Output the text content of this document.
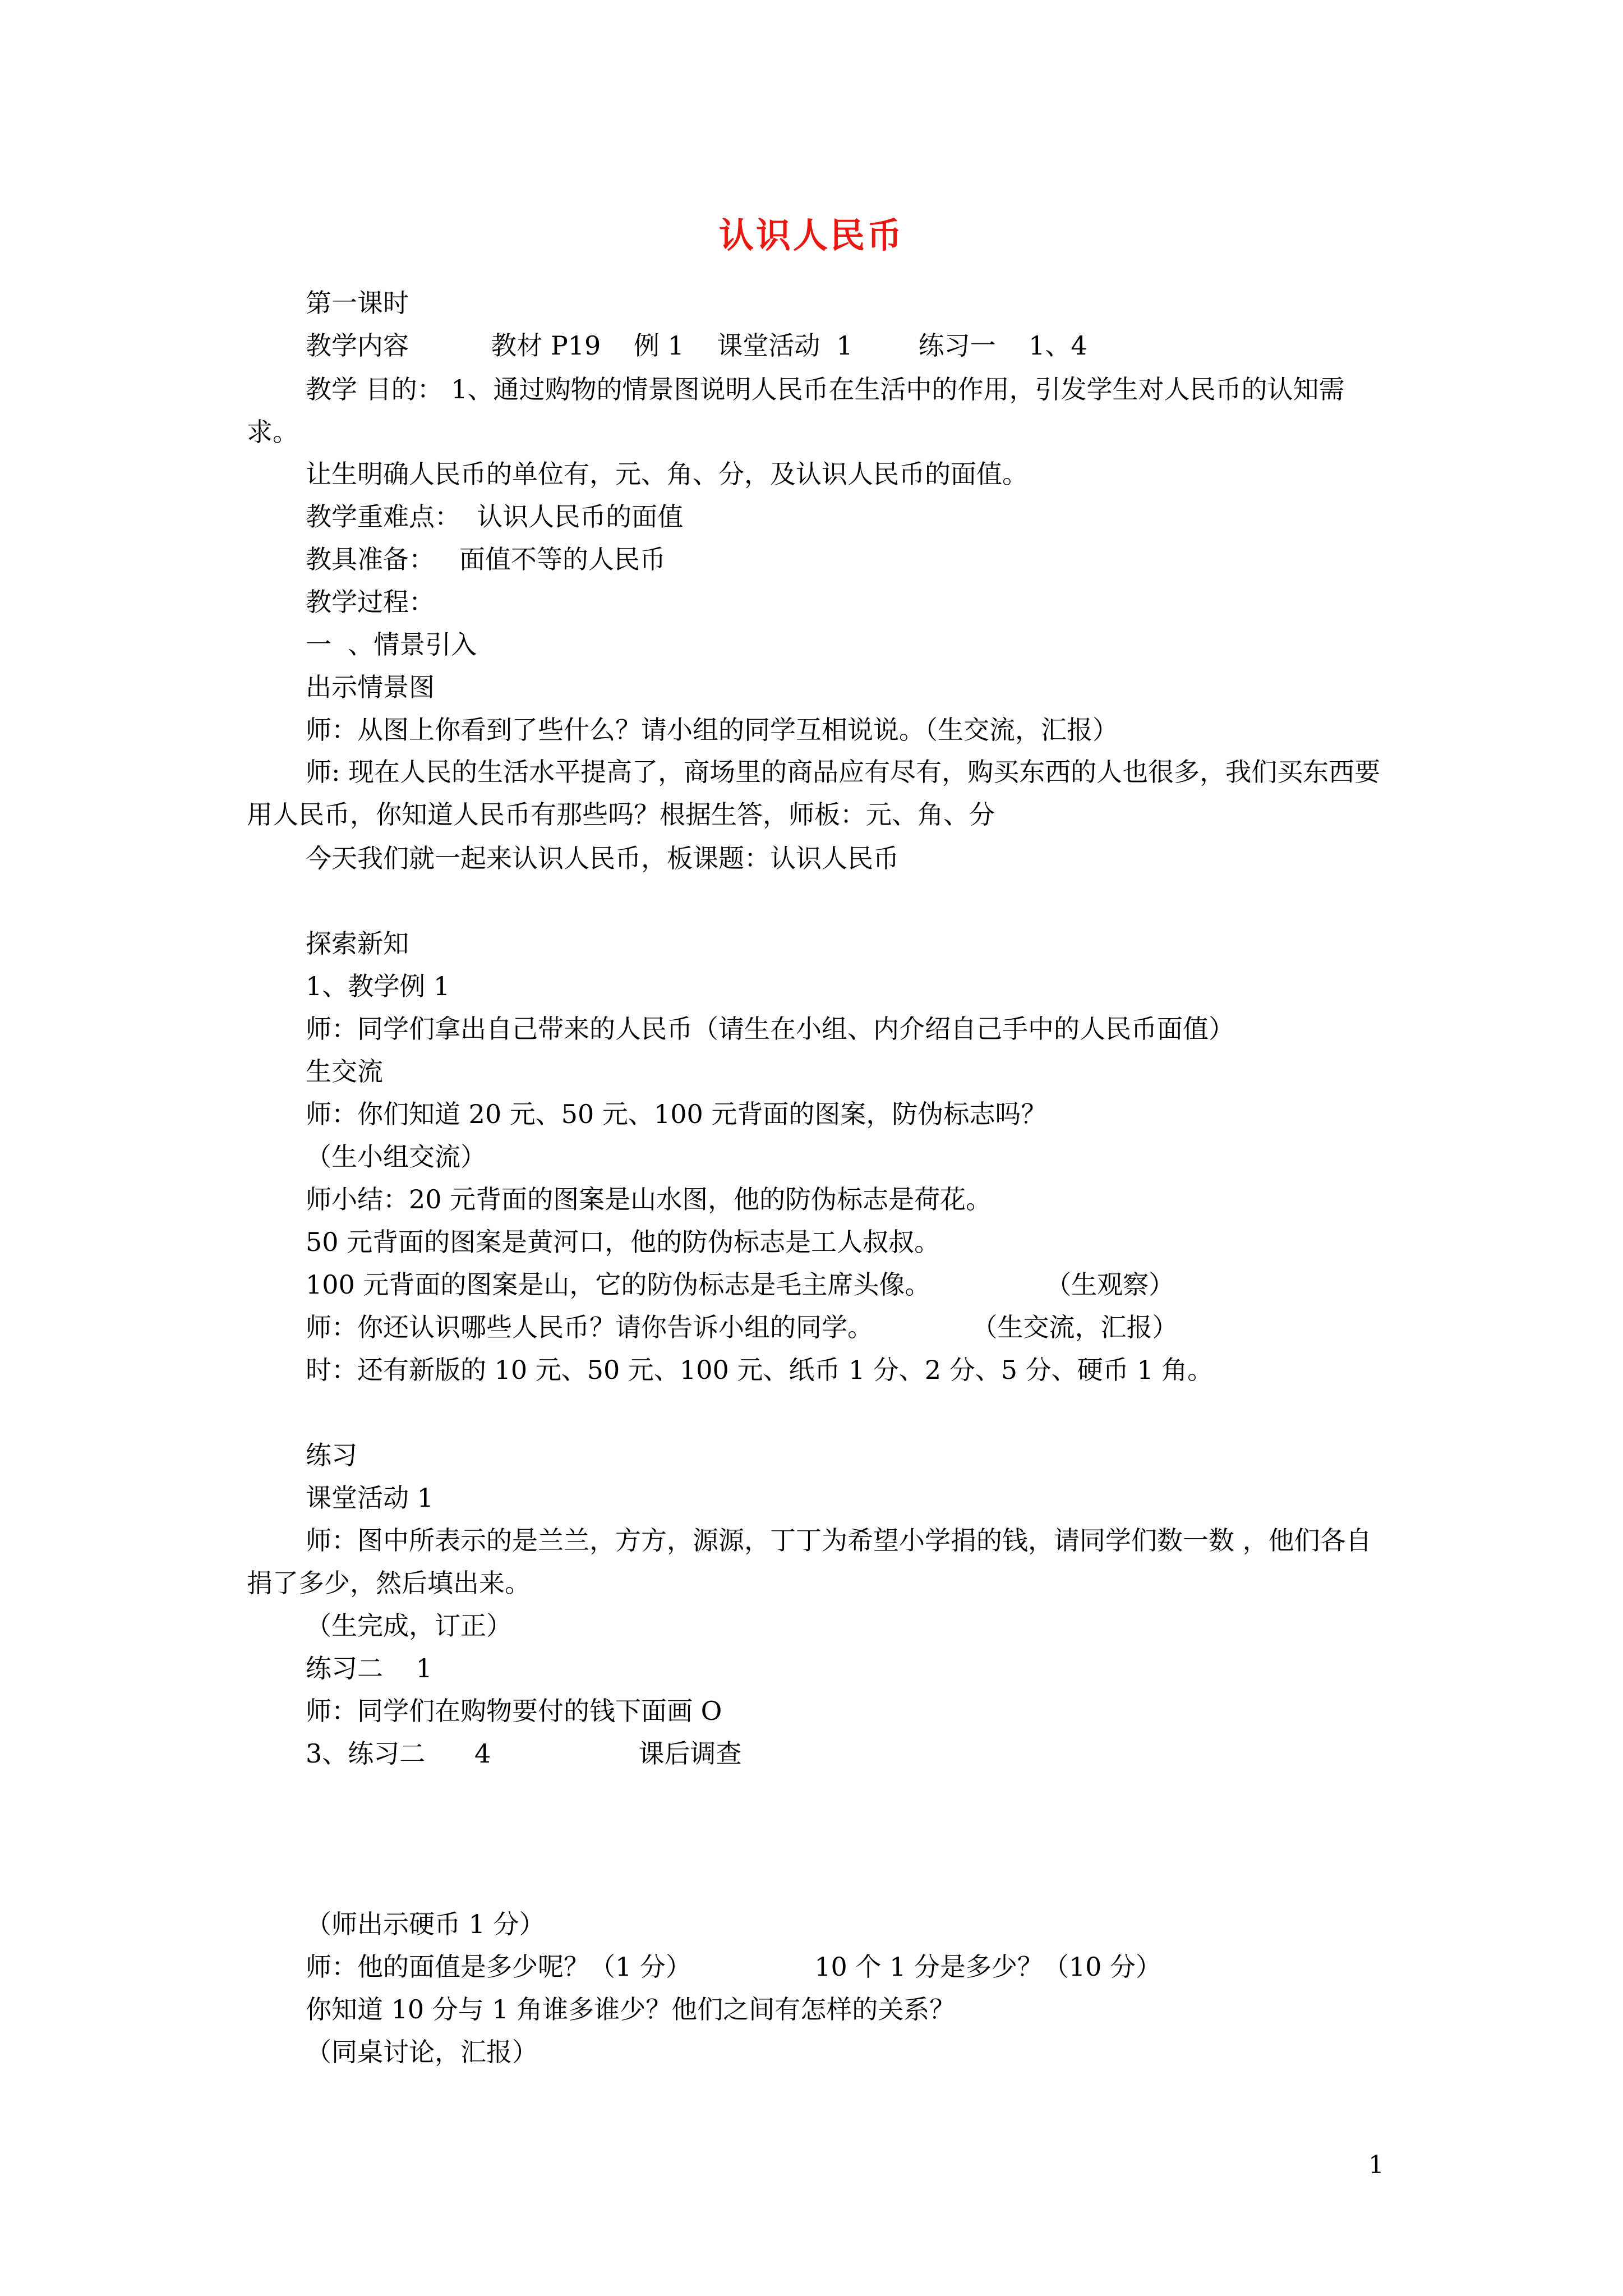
认识人民币
第一课时
教学内容          教材 P19    例 1    课堂活动  1        练习一    1、4
教学 目的： 1、通过购物的情景图说明人民币在生活中的作用，引发学生对人民币的认知需求。
让生明确人民币的单位有，元、角、分，及认识人民币的面值。
教学重难点：  认识人民币的面值
教具准备：   面值不等的人民币
教学过程：
一  、情景引入
出示情景图
师：从图上你看到了些什么？请小组的同学互相说说。（生交流，汇报）
师: 现在人民的生活水平提高了，商场里的商品应有尽有，购买东西的人也很多，我们买东西要用人民币，你知道人民币有那些吗？根据生答，师板：元、角、分
今天我们就一起来认识人民币，板课题：认识人民币
探索新知
1、教学例 1
师：同学们拿出自己带来的人民币（请生在小组、内介绍自己手中的人民币面值）
生交流
师：你们知道 20 元、50 元、100 元背面的图案，防伪标志吗？
（生小组交流）
师小结：20 元背面的图案是山水图，他的防伪标志是荷花。
50 元背面的图案是黄河口，他的防伪标志是工人叔叔。
100 元背面的图案是山，它的防伪标志是毛主席头像。              （生观察）
师：你还认识哪些人民币？请你告诉小组的同学。            （生交流，汇报）
时：还有新版的 10 元、50 元、100 元、纸币 1 分、2 分、5 分、硬币 1 角。
练习
课堂活动 1
师：图中所表示的是兰兰，方方，源源，丁丁为希望小学捐的钱，请同学们数一数 ，他们各自捐了多少，然后填出来。
（生完成，订正）
练习二    1
师：同学们在购物要付的钱下面画 O
3、练习二      4                  课后调查
（师出示硬币 1 分）
师：他的面值是多少呢？（1 分）               10 个 1 分是多少？（10 分）
你知道 10 分与 1 角谁多谁少？他们之间有怎样的关系？
（同桌讨论，汇报）
1
